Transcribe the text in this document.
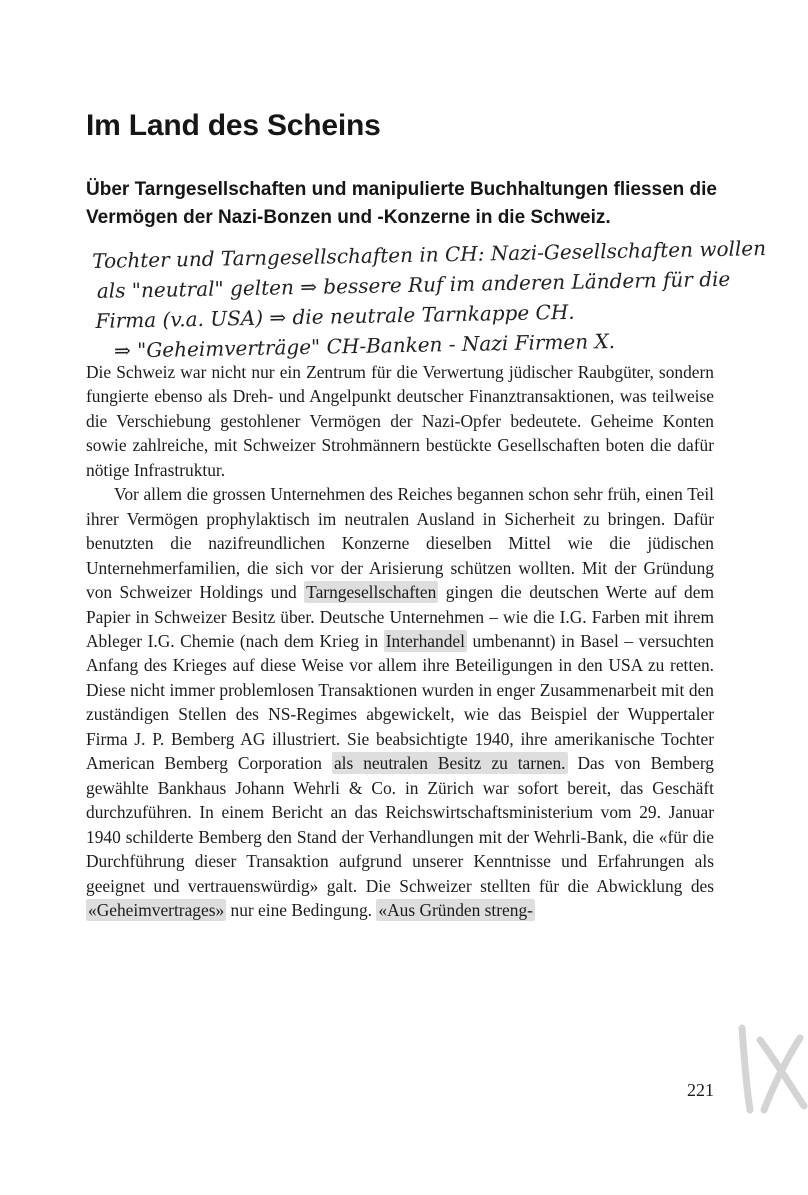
Im Land des Scheins
Über Tarngesellschaften und manipulierte Buchhaltungen fliessen die Vermögen der Nazi-Bonzen und -Konzerne in die Schweiz.
Tochter und Tarngesellschaften in CH: Nazi-Gesellschaften wollen
als "neutral" gelten ⇒ bessere Ruf im anderen Ländern für die
Firma (v.a. USA) ⇒ die neutrale Tarnkappe CH.
⇒ "Geheimverträge" CH-Banken - Nazi Firmen X.

Die Schweiz war nicht nur ein Zentrum für die Verwertung jüdischer Raubgüter, sondern fungierte ebenso als Dreh- und Angelpunkt deutscher Finanztransaktionen, was teilweise die Verschiebung gestohlener Vermögen der Nazi-Opfer bedeutete. Geheime Konten sowie zahlreiche, mit Schweizer Strohmännern bestückte Gesellschaften boten die dafür nötige Infrastruktur.

Vor allem die grossen Unternehmen des Reiches begannen schon sehr früh, einen Teil ihrer Vermögen prophylaktisch im neutralen Ausland in Sicherheit zu bringen. Dafür benutzten die nazifreundlichen Konzerne dieselben Mittel wie die jüdischen Unternehmerfamilien, die sich vor der Arisierung schützen wollten. Mit der Gründung von Schweizer Holdings und Tarngesellschaften gingen die deutschen Werte auf dem Papier in Schweizer Besitz über. Deutsche Unternehmen – wie die I.G. Farben mit ihrem Ableger I.G. Chemie (nach dem Krieg in Interhandel umbenannt) in Basel – versuchten Anfang des Krieges auf diese Weise vor allem ihre Beteiligungen in den USA zu retten. Diese nicht immer problemlosen Transaktionen wurden in enger Zusammenarbeit mit den zuständigen Stellen des NS-Regimes abgewickelt, wie das Beispiel der Wuppertaler Firma J. P. Bemberg AG illustriert. Sie beabsichtigte 1940, ihre amerikanische Tochter American Bemberg Corporation als neutralen Besitz zu tarnen. Das von Bemberg gewählte Bankhaus Johann Wehrli & Co. in Zürich war sofort bereit, das Geschäft durchzuführen. In einem Bericht an das Reichswirtschaftsministerium vom 29. Januar 1940 schilderte Bemberg den Stand der Verhandlungen mit der Wehrli-Bank, die «für die Durchführung dieser Transaktion aufgrund unserer Kenntnisse und Erfahrungen als geeignet und vertrauenswürdig» galt. Die Schweizer stellten für die Abwicklung des «Geheimvertrages» nur eine Bedingung. «Aus Gründen streng-

221
